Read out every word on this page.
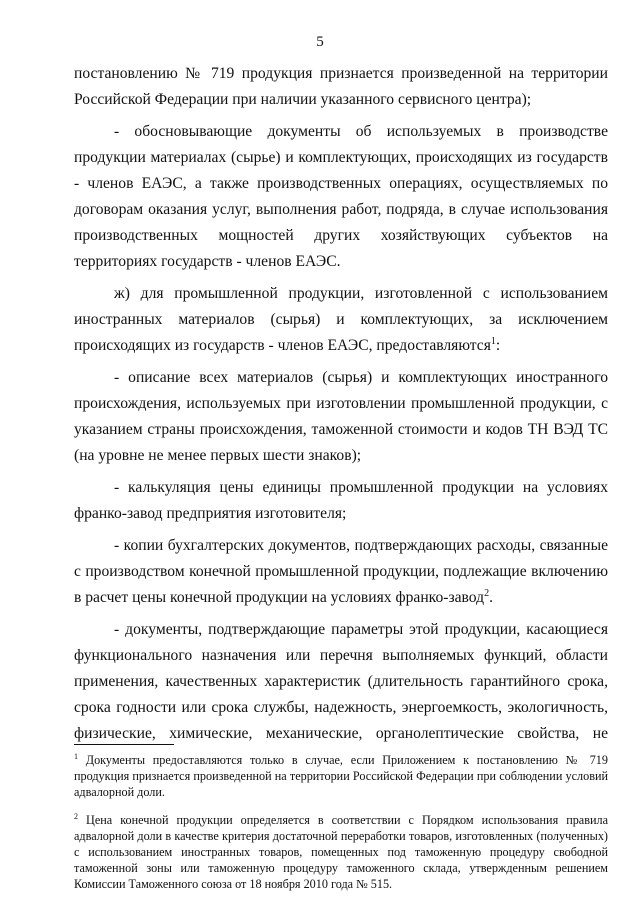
5

постановлению № 719 продукция признается произведенной на территории Российской Федерации при наличии указанного сервисного центра);

- обосновывающие документы об используемых в производстве продукции материалах (сырье) и комплектующих, происходящих из государств - членов ЕАЭС, а также производственных операциях, осуществляемых по договорам оказания услуг, выполнения работ, подряда, в случае использования производственных мощностей других хозяйствующих субъектов на территориях государств - членов ЕАЭС.

ж) для промышленной продукции, изготовленной с использованием иностранных материалов (сырья) и комплектующих, за исключением происходящих из государств - членов ЕАЭС, предоставляются$^1$:

- описание всех материалов (сырья) и комплектующих иностранного происхождения, используемых при изготовлении промышленной продукции, с указанием страны происхождения, таможенной стоимости и кодов ТН ВЭД ТС (на уровне не менее первых шести знаков);

- калькуляция цены единицы промышленной продукции на условиях франко-завод предприятия изготовителя;

- копии бухгалтерских документов, подтверждающих расходы, связанные с производством конечной промышленной продукции, подлежащие включению в расчет цены конечной продукции на условиях франко-завод$^2$.

- документы, подтверждающие параметры этой продукции, касающиеся функционального назначения или перечня выполняемых функций, области применения, качественных характеристик (длительность гарантийного срока, срока годности или срока службы, надежность, энергоемкость, экологичность, физические, химические, механические, органолептические свойства, не

$^1$ Документы предоставляются только в случае, если Приложением к постановлению № 719 продукция признается произведенной на территории Российской Федерации при соблюдении условий адвалорной доли.

$^2$ Цена конечной продукции определяется в соответствии с Порядком использования правила адвалорной доли в качестве критерия достаточной переработки товаров, изготовленных (полученных) с использованием иностранных товаров, помещенных под таможенную процедуру свободной таможенной зоны или таможенную процедуру таможенного склада, утвержденным решением Комиссии Таможенного союза от 18 ноября 2010 года № 515.
